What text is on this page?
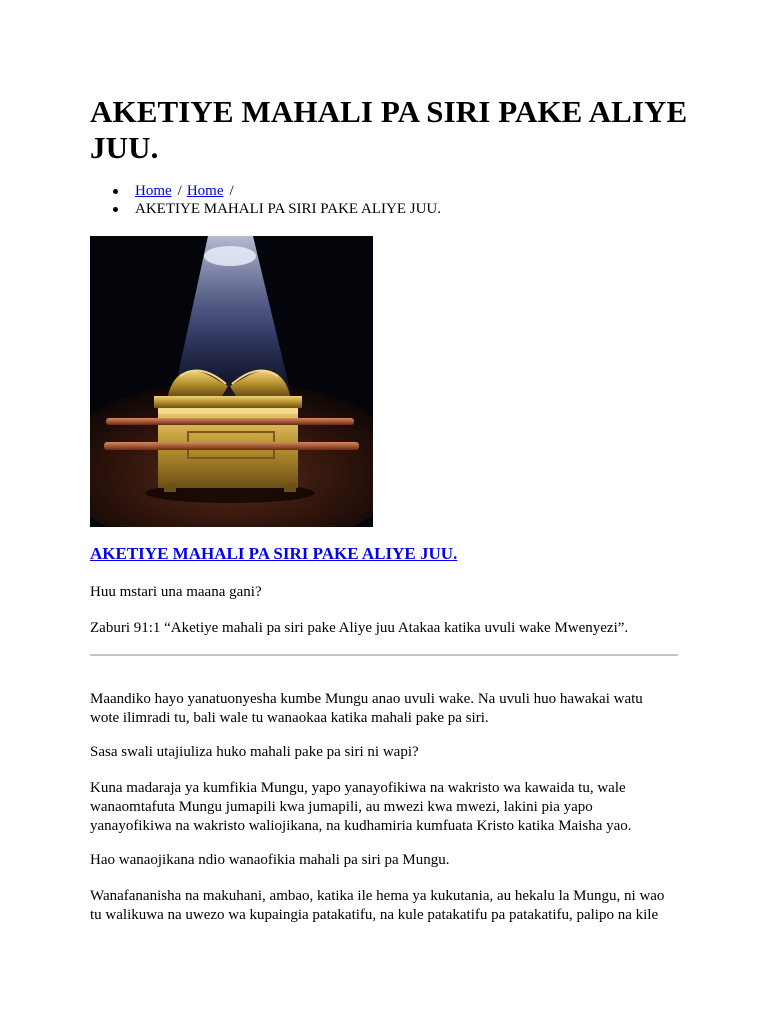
AKETIYE MAHALI PA SIRI PAKE ALIYE JUU.
Home / Home /
AKETIYE MAHALI PA SIRI PAKE ALIYE JUU.
AKETIYE MAHALI PA SIRI PAKE ALIYE JUU.

Huu mstari una maana gani?

Zaburi 91:1 “Aketiye mahali pa siri pake Aliye juu Atakaa katika uvuli wake Mwenyezi”.

Maandiko hayo yanatuonyesha kumbe Mungu anao uvuli wake. Na uvuli huo hawakai watu wote ilimradi tu, bali wale tu wanaokaa katika mahali pake pa siri.

Sasa swali utajiuliza huko mahali pake pa siri ni wapi?

Kuna madaraja ya kumfikia Mungu, yapo yanayofikiwa na wakristo wa kawaida tu, wale wanaomtafuta Mungu jumapili kwa jumapili, au mwezi kwa mwezi, lakini pia yapo yanayofikiwa na wakristo waliojikana, na kudhamiria kumfuata Kristo katika Maisha yao.

Hao wanaojikana ndio wanaofikia mahali pa siri pa Mungu.

Wanafananisha na makuhani, ambao, katika ile hema ya kukutania, au hekalu la Mungu, ni wao tu walikuwa na uwezo wa kupaingia patakatifu, na kule patakatifu pa patakatifu, palipo na kile
